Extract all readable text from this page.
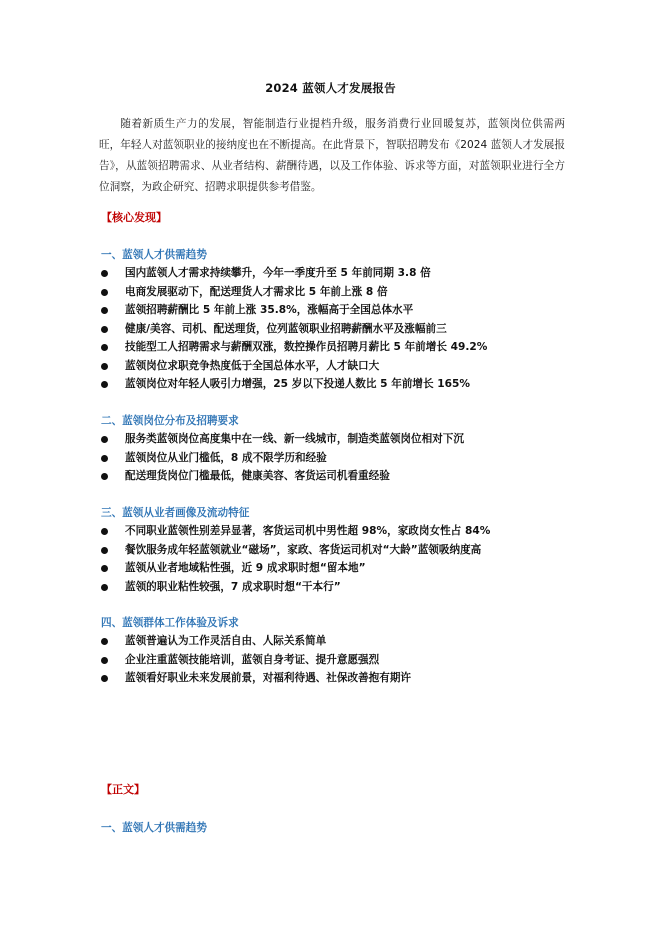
2024 蓝领人才发展报告
随着新质生产力的发展，智能制造行业提档升级，服务消费行业回暖复苏，蓝领岗位供需两旺，年轻人对蓝领职业的接纳度也在不断提高。在此背景下，智联招聘发布《2024 蓝领人才发展报告》，从蓝领招聘需求、从业者结构、薪酬待遇，以及工作体验、诉求等方面，对蓝领职业进行全方位洞察，为政企研究、招聘求职提供参考借鉴。
【核心发现】
一、蓝领人才供需趋势
国内蓝领人才需求持续攀升，今年一季度升至 5 年前同期 3.8 倍
电商发展驱动下，配送理货人才需求比 5 年前上涨 8 倍
蓝领招聘薪酬比 5 年前上涨 35.8%，涨幅高于全国总体水平
健康/美容、司机、配送理货，位列蓝领职业招聘薪酬水平及涨幅前三
技能型工人招聘需求与薪酬双涨，数控操作员招聘月薪比 5 年前增长 49.2%
蓝领岗位求职竞争热度低于全国总体水平，人才缺口大
蓝领岗位对年轻人吸引力增强，25 岁以下投递人数比 5 年前增长 165%
二、蓝领岗位分布及招聘要求
服务类蓝领岗位高度集中在一线、新一线城市，制造类蓝领岗位相对下沉
蓝领岗位从业门槛低，8 成不限学历和经验
配送理货岗位门槛最低，健康美容、客货运司机看重经验
三、蓝领从业者画像及流动特征
不同职业蓝领性别差异显著，客货运司机中男性超 98%，家政岗女性占 84%
餐饮服务成年轻蓝领就业“磁场”，家政、客货运司机对“大龄”蓝领吸纳度高
蓝领从业者地域粘性强，近 9 成求职时想“留本地”
蓝领的职业粘性较强，7 成求职时想“干本行”
四、蓝领群体工作体验及诉求
蓝领普遍认为工作灵活自由、人际关系简单
企业注重蓝领技能培训，蓝领自身考证、提升意愿强烈
蓝领看好职业未来发展前景，对福利待遇、社保改善抱有期许
【正文】
一、蓝领人才供需趋势
